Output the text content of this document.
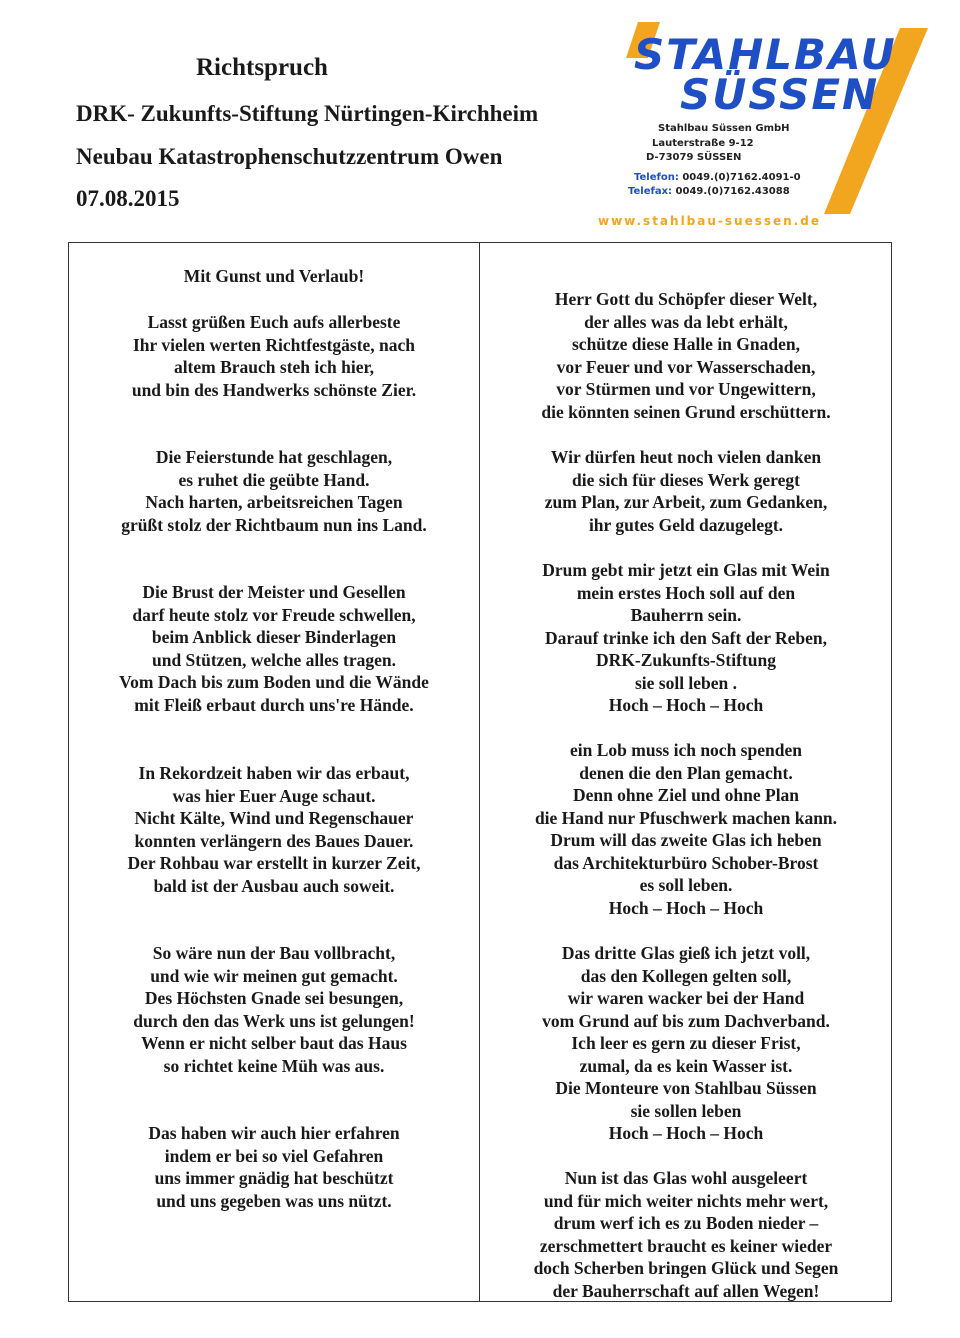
Richtspruch
DRK- Zukunfts-Stiftung Nürtingen-Kirchheim
Neubau Katastrophenschutzzentrum Owen
07.08.2015
STAHLBAU
SÜSSEN
Stahlbau Süssen GmbH
Lauterstraße 9-12
D-73079 SÜSSEN
Telefon: 0049.(0)7162.4091-0
Telefax: 0049.(0)7162.43088
www.stahlbau-suessen.de
Mit Gunst und Verlaub!
Lasst grüßen Euch aufs allerbeste
Ihr vielen werten Richtfestgäste, nach
altem Brauch steh ich hier,
und bin des Handwerks schönste Zier.
Die Feierstunde hat geschlagen,
es ruhet die geübte Hand.
Nach harten, arbeitsreichen Tagen
grüßt stolz der Richtbaum nun ins Land.
Die Brust der Meister und Gesellen
darf heute stolz vor Freude schwellen,
beim Anblick dieser Binderlagen
und Stützen, welche alles tragen.
Vom Dach bis zum Boden und die Wände
mit Fleiß erbaut durch uns're Hände.
In Rekordzeit haben wir das erbaut,
was hier Euer Auge schaut.
Nicht Kälte, Wind und Regenschauer
konnten verlängern des Baues Dauer.
Der Rohbau war erstellt in kurzer Zeit,
bald ist der Ausbau auch soweit.
So wäre nun der Bau vollbracht,
und wie wir meinen gut gemacht.
Des Höchsten Gnade sei besungen,
durch den das Werk uns ist gelungen!
Wenn er nicht selber baut das Haus
so richtet keine Müh was aus.
Das haben wir auch hier erfahren
indem er bei so viel Gefahren
uns immer gnädig hat beschützt
und uns gegeben was uns nützt.
Herr Gott du Schöpfer dieser Welt,
der alles was da lebt erhält,
schütze diese Halle in Gnaden,
vor Feuer und vor Wasserschaden,
vor Stürmen und vor Ungewittern,
die könnten seinen Grund erschüttern.
Wir dürfen heut noch vielen danken
die sich für dieses Werk geregt
zum Plan, zur Arbeit, zum Gedanken,
ihr gutes Geld dazugelegt.
Drum gebt mir jetzt ein Glas mit Wein
mein erstes Hoch soll auf den
Bauherrn sein.
Darauf trinke ich den Saft der Reben,
DRK-Zukunfts-Stiftung
sie soll leben .
Hoch – Hoch – Hoch
ein Lob muss ich noch spenden
denen die den Plan gemacht.
Denn ohne Ziel und ohne Plan
die Hand nur Pfuschwerk machen kann.
Drum will das zweite Glas ich heben
das Architekturbüro Schober-Brost
es soll leben.
Hoch – Hoch – Hoch
Das dritte Glas gieß ich jetzt voll,
das den Kollegen gelten soll,
wir waren wacker bei der Hand
vom Grund auf bis zum Dachverband.
Ich leer es gern zu dieser Frist,
zumal, da es kein Wasser ist.
Die Monteure von Stahlbau Süssen
sie sollen leben
Hoch – Hoch – Hoch
Nun ist das Glas wohl ausgeleert
und für mich weiter nichts mehr wert,
drum werf ich es zu Boden nieder –
zerschmettert braucht es keiner wieder
doch Scherben bringen Glück und Segen
der Bauherrschaft auf allen Wegen!
